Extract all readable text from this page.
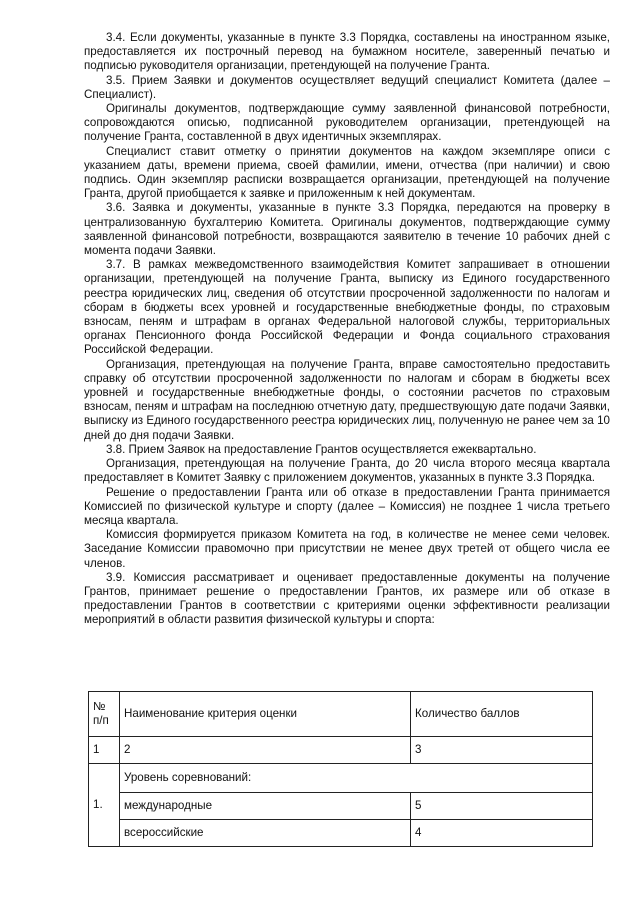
3.4. Если документы, указанные в пункте 3.3 Порядка, составлены на иностранном языке, предоставляется их построчный перевод на бумажном носителе, заверенный печатью и подписью руководителя организации, претендующей на получение Гранта.

3.5. Прием Заявки и документов осуществляет ведущий специалист Комитета (далее – Специалист).

Оригиналы документов, подтверждающие сумму заявленной финансовой потребности, сопровождаются описью, подписанной руководителем организации, претендующей на получение Гранта, составленной в двух идентичных экземплярах.

Специалист ставит отметку о принятии документов на каждом экземпляре описи с указанием даты, времени приема, своей фамилии, имени, отчества (при наличии) и свою подпись. Один экземпляр расписки возвращается организации, претендующей на получение Гранта, другой приобщается к заявке и приложенным к ней документам.

3.6. Заявка и документы, указанные в пункте 3.3 Порядка, передаются на проверку в централизованную бухгалтерию Комитета. Оригиналы документов, подтверждающие сумму заявленной финансовой потребности, возвращаются заявителю в течение 10 рабочих дней с момента подачи Заявки.

3.7. В рамках межведомственного взаимодействия Комитет запрашивает в отношении организации, претендующей на получение Гранта, выписку из Единого государственного реестра юридических лиц, сведения об отсутствии просроченной задолженности по налогам и сборам в бюджеты всех уровней и государственные внебюджетные фонды, по страховым взносам, пеням и штрафам в органах Федеральной налоговой службы, территориальных органах Пенсионного фонда Российской Федерации и Фонда социального страхования Российской Федерации.

Организация, претендующая на получение Гранта, вправе самостоятельно предоставить справку об отсутствии просроченной задолженности по налогам и сборам в бюджеты всех уровней и государственные внебюджетные фонды, о состоянии расчетов по страховым взносам, пеням и штрафам на последнюю отчетную дату, предшествующую дате подачи Заявки, выписку из Единого государственного реестра юридических лиц, полученную не ранее чем за 10 дней до дня подачи Заявки.

3.8. Прием Заявок на предоставление Грантов осуществляется ежеквартально.

Организация, претендующая на получение Гранта, до 20 числа второго месяца квартала предоставляет в Комитет Заявку с приложением документов, указанных в пункте 3.3 Порядка.

Решение о предоставлении Гранта или об отказе в предоставлении Гранта принимается Комиссией по физической культуре и спорту (далее – Комиссия) не позднее 1 числа третьего месяца квартала.

Комиссия формируется приказом Комитета на год, в количестве не менее семи человек. Заседание Комиссии правомочно при присутствии не менее двух третей от общего числа ее членов.

3.9. Комиссия рассматривает и оценивает предоставленные документы на получение Грантов, принимает решение о предоставлении Грантов, их размере или об отказе в предоставлении Грантов в соответствии с критериями оценки эффективности реализации мероприятий в области развития физической культуры и спорта:

№ п/п	Наименование критерия оценки	Количество баллов
1	2	3
1.	Уровень соревнований:	
	международные	5
	всероссийские	4
